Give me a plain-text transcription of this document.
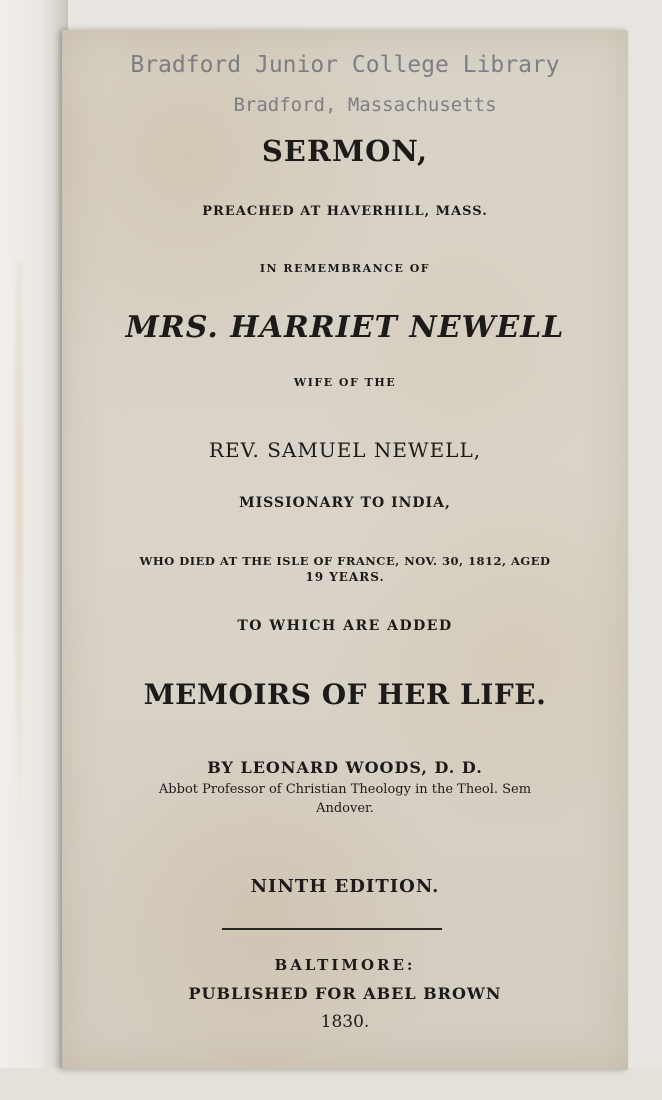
Bradford Junior College Library
Bradford, Massachusetts
SERMON,
PREACHED AT HAVERHILL, MASS.
IN REMEMBRANCE OF
MRS. HARRIET NEWELL
WIFE OF THE
REV. SAMUEL NEWELL,
MISSIONARY TO INDIA,
WHO DIED AT THE ISLE OF FRANCE, NOV. 30, 1812, AGED
19 YEARS.
TO WHICH ARE ADDED
MEMOIRS OF HER LIFE.
BY LEONARD WOODS, D. D.
Abbot Professor of Christian Theology in the Theol. Sem
Andover.
NINTH EDITION.
BALTIMORE:
PUBLISHED FOR ABEL BROWN
1830.
